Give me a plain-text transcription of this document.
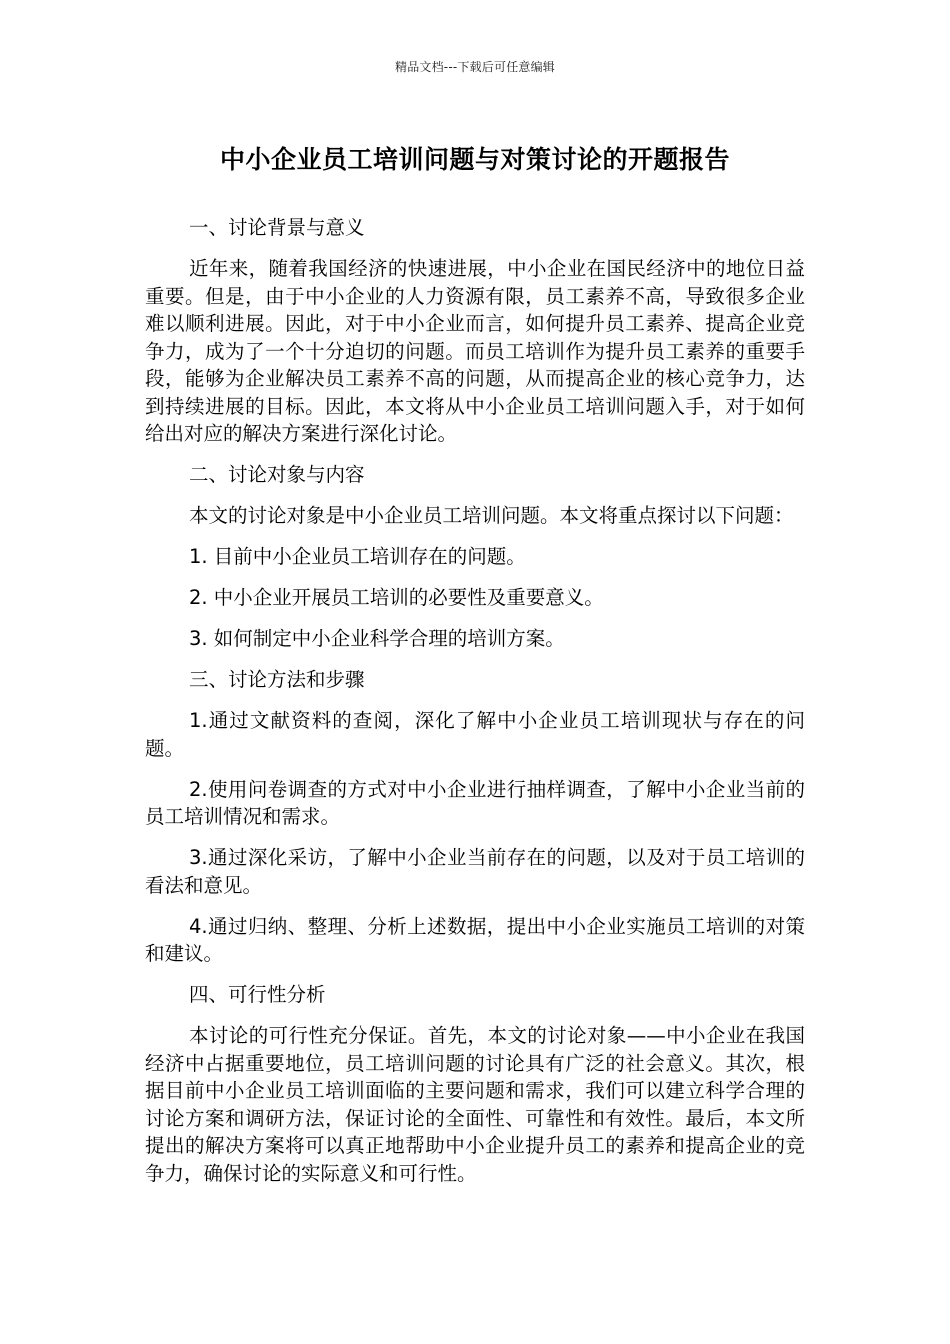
精品文档---下载后可任意编辑
中小企业员工培训问题与对策讨论的开题报告

一、讨论背景与意义

近年来，随着我国经济的快速进展，中小企业在国民经济中的地位日益重要。但是，由于中小企业的人力资源有限，员工素养不高，导致很多企业难以顺利进展。因此，对于中小企业而言，如何提升员工素养、提高企业竞争力，成为了一个十分迫切的问题。而员工培训作为提升员工素养的重要手段，能够为企业解决员工素养不高的问题，从而提高企业的核心竞争力，达到持续进展的目标。因此，本文将从中小企业员工培训问题入手，对于如何给出对应的解决方案进行深化讨论。

二、讨论对象与内容

本文的讨论对象是中小企业员工培训问题。本文将重点探讨以下问题：

1. 目前中小企业员工培训存在的问题。

2. 中小企业开展员工培训的必要性及重要意义。

3. 如何制定中小企业科学合理的培训方案。

三、讨论方法和步骤

1.通过文献资料的查阅，深化了解中小企业员工培训现状与存在的问题。

2.使用问卷调查的方式对中小企业进行抽样调查，了解中小企业当前的员工培训情况和需求。

3.通过深化采访，了解中小企业当前存在的问题，以及对于员工培训的看法和意见。

4.通过归纳、整理、分析上述数据，提出中小企业实施员工培训的对策和建议。

四、可行性分析

本讨论的可行性充分保证。首先，本文的讨论对象——中小企业在我国经济中占据重要地位，员工培训问题的讨论具有广泛的社会意义。其次，根据目前中小企业员工培训面临的主要问题和需求，我们可以建立科学合理的讨论方案和调研方法，保证讨论的全面性、可靠性和有效性。最后，本文所提出的解决方案将可以真正地帮助中小企业提升员工的素养和提高企业的竞争力，确保讨论的实际意义和可行性。
